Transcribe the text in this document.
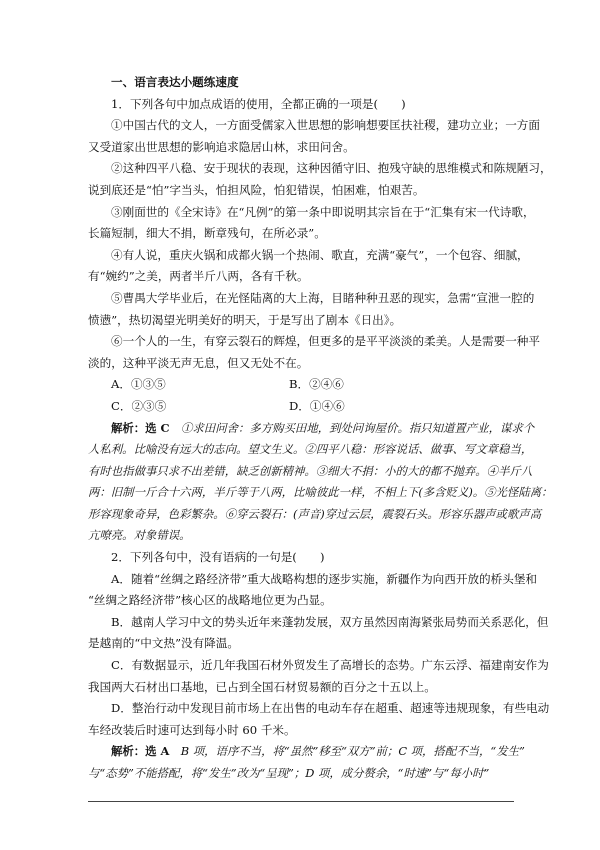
一、语言表达小题练速度

1．下列各句中加点成语的使用，全都正确的一项是(　　)

①中国古代的文人，一方面受儒家入世思想的影响想要匡扶社稷，建功立业；一方面

又受道家出世思想的影响追求隐居山林，求田问舍。

②这种四平八稳、安于现状的表现，这种因循守旧、抱残守缺的思维模式和陈规陋习，

说到底还是“怕”字当头，怕担风险，怕犯错误，怕困难，怕艰苦。

③刚面世的《全宋诗》在“凡例”的第一条中即说明其宗旨在于“汇集有宋一代诗歌，

长篇短制，细大不捐，断章残句，在所必录”。

④有人说，重庆火锅和成都火锅一个热闹、歌直，充满“豪气”，一个包容、细腻，

有“婉约”之美，两者半斤八两，各有千秋。

⑤曹禺大学毕业后，在光怪陆离的大上海，目睹种种丑恶的现实，急需“宣泄一腔的

愤懑”，热切渴望光明美好的明天，于是写出了剧本《日出》。

⑥一个人的一生，有穿云裂石的辉煌，但更多的是平平淡淡的柔美。人是需要一种平

淡的，这种平淡无声无息，但又无处不在。

A．①③⑤	B．②④⑥
C．②③⑤	D．①④⑥

解析：选 C　 ①求田问舍：多方购买田地，到处问询屋价。指只知道置产业，谋求个

人私利。比喻没有远大的志向。望文生义。②四平八稳：形容说话、做事、写文章稳当，

有时也指做事只求不出差错，缺乏创新精神。③细大不捐：小的大的都不抛弃。④半斤八

两：旧制一斤合十六两，半斤等于八两，比喻彼此一样，不相上下(多含贬义)。⑤光怪陆离：

形容现象奇异，色彩繁杂。⑥穿云裂石：(声音)穿过云层，震裂石头。形容乐器声或歌声高

亢嘹亮。对象错误。

2．下列各句中，没有语病的一句是(　　)

A．随着“丝绸之路经济带”重大战略构想的逐步实施，新疆作为向西开放的桥头堡和

“丝绸之路经济带”核心区的战略地位更为凸显。

B．越南人学习中文的势头近年来蓬勃发展，双方虽然因南海紧张局势而关系恶化，但

是越南的“中文热”没有降温。

C．有数据显示，近几年我国石材外贸发生了高增长的态势。广东云浮、福建南安作为

我国两大石材出口基地，已占到全国石材贸易额的百分之十五以上。

D．整治行动中发现目前市场上在出售的电动车存在超重、超速等违规现象，有些电动

车经改装后时速可达到每小时 60 千米。

解析：选 A　 B 项，语序不当，将“虽然”移至“双方”前；C 项，搭配不当，“发生”

与“态势”不能搭配，将“发生”改为“呈现”；D 项，成分赘余，“时速”与“每小时”
